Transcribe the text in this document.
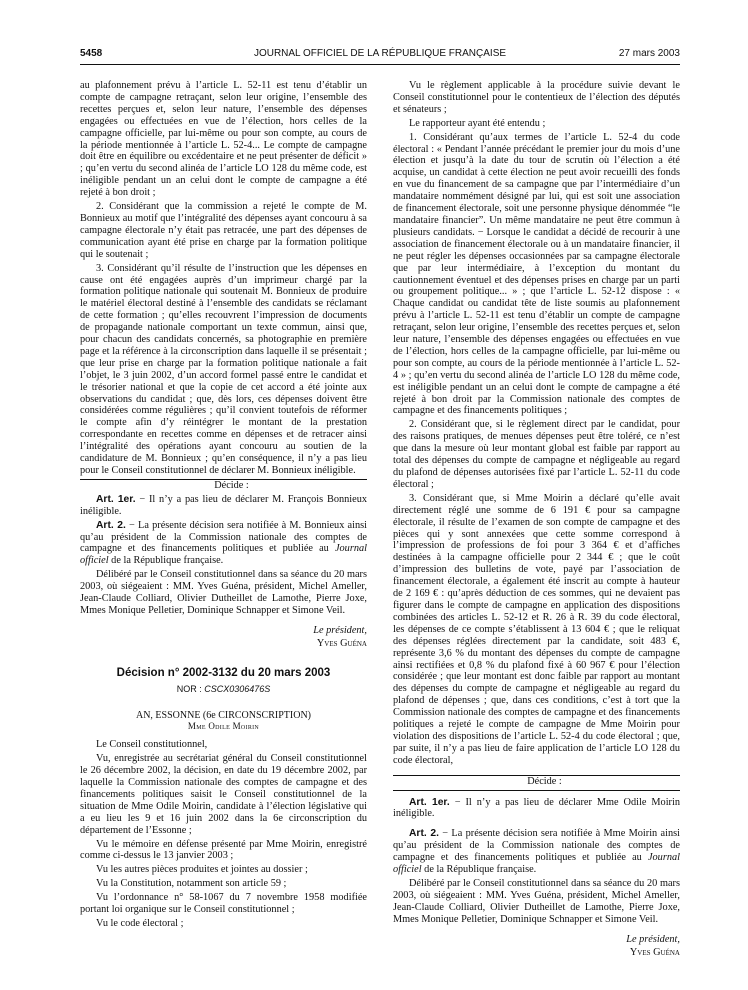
5458	JOURNAL OFFICIEL DE LA RÉPUBLIQUE FRANÇAISE	27 mars 2003

au plafonnement prévu à l’article L. 52-11 est tenu d’établir un compte de campagne retraçant, selon leur origine, l’ensemble des recettes perçues et, selon leur nature, l’ensemble des dépenses engagées ou effectuées en vue de l’élection, hors celles de la campagne officielle, par lui-même ou pour son compte, au cours de la période mentionnée à l’article L. 52-4... Le compte de campagne doit être en équilibre ou excédentaire et ne peut présenter de déficit » ; qu’en vertu du second alinéa de l’article LO 128 du même code, est inéligible pendant un an celui dont le compte de campagne a été rejeté à bon droit ;

2. Considérant que la commission a rejeté le compte de M. Bonnieux au motif que l’intégralité des dépenses ayant concouru à sa campagne électorale n’y était pas retracée, une part des dépenses de communication ayant été prise en charge par la formation politique qui le soutenait ;

3. Considérant qu’il résulte de l’instruction que les dépenses en cause ont été engagées auprès d’un imprimeur chargé par la formation politique nationale qui soutenait M. Bonnieux de produire le matériel électoral destiné à l’ensemble des candidats se réclamant de cette formation ; qu’elles recouvrent l’impression de documents de propagande nationale comportant un texte commun, ainsi que, pour chacun des candidats concernés, sa photographie en première page et la référence à la circonscription dans laquelle il se présentait ; que leur prise en charge par la formation politique nationale a fait l’objet, le 3 juin 2002, d’un accord formel passé entre le candidat et le trésorier national et que la copie de cet accord a été jointe aux observations du candidat ; que, dès lors, ces dépenses doivent être considérées comme régulières ; qu’il convient toutefois de réformer le compte afin d’y réintégrer le montant de la prestation correspondante en recettes comme en dépenses et de retracer ainsi l’intégralité des opérations ayant concouru au soutien de la candidature de M. Bonnieux ; qu’en conséquence, il n’y a pas lieu pour le Conseil constitutionnel de déclarer M. Bonnieux inéligible.

Décide :

Art. 1er. − Il n’y a pas lieu de déclarer M. François Bonnieux inéligible.

Art. 2. − La présente décision sera notifiée à M. Bonnieux ainsi qu’au président de la Commission nationale des comptes de campagne et des financements politiques et publiée au Journal officiel de la République française.

Délibéré par le Conseil constitutionnel dans sa séance du 20 mars 2003, où siégeaient : MM. Yves Guéna, président, Michel Ameller, Jean-Claude Colliard, Olivier Dutheillet de Lamothe, Pierre Joxe, Mmes Monique Pelletier, Dominique Schnapper et Simone Veil.

Le président,
Yves Guéna
Décision n° 2002-3132 du 20 mars 2003
NOR : CSCX0306476S
AN, ESSONNE (6e CIRCONSCRIPTION)
Mme Odile Moirin

Le Conseil constitutionnel,

Vu, enregistrée au secrétariat général du Conseil constitutionnel le 26 décembre 2002, la décision, en date du 19 décembre 2002, par laquelle la Commission nationale des comptes de campagne et des financements politiques saisit le Conseil constitutionnel de la situation de Mme Odile Moirin, candidate à l’élection législative qui a eu lieu les 9 et 16 juin 2002 dans la 6e circonscription du département de l’Essonne ;

Vu le mémoire en défense présenté par Mme Moirin, enregistré comme ci-dessus le 13 janvier 2003 ;

Vu les autres pièces produites et jointes au dossier ;

Vu la Constitution, notamment son article 59 ;

Vu l’ordonnance n° 58-1067 du 7 novembre 1958 modifiée portant loi organique sur le Conseil constitutionnel ;

Vu le code électoral ;

Vu le règlement applicable à la procédure suivie devant le Conseil constitutionnel pour le contentieux de l’élection des députés et sénateurs ;

Le rapporteur ayant été entendu ;

1. Considérant qu’aux termes de l’article L. 52-4 du code électoral : « Pendant l’année précédant le premier jour du mois d’une élection et jusqu’à la date du tour de scrutin où l’élection a été acquise, un candidat à cette élection ne peut avoir recueilli des fonds en vue du financement de sa campagne que par l’intermédiaire d’un mandataire nommément désigné par lui, qui est soit une association de financement électorale, soit une personne physique dénommée “le mandataire financier”. Un même mandataire ne peut être commun à plusieurs candidats. − Lorsque le candidat a décidé de recourir à une association de financement électorale ou à un mandataire financier, il ne peut régler les dépenses occasionnées par sa campagne électorale que par leur intermédiaire, à l’exception du montant du cautionnement éventuel et des dépenses prises en charge par un parti ou groupement politique... » ; que l’article L. 52-12 dispose : « Chaque candidat ou candidat tête de liste soumis au plafonnement prévu à l’article L. 52-11 est tenu d’établir un compte de campagne retraçant, selon leur origine, l’ensemble des recettes perçues et, selon leur nature, l’ensemble des dépenses engagées ou effectuées en vue de l’élection, hors celles de la campagne officielle, par lui-même ou pour son compte, au cours de la période mentionnée à l’article L. 52-4 » ; qu’en vertu du second alinéa de l’article LO 128 du même code, est inéligible pendant un an celui dont le compte de campagne a été rejeté à bon droit par la Commission nationale des comptes de campagne et des financements politiques ;

2. Considérant que, si le règlement direct par le candidat, pour des raisons pratiques, de menues dépenses peut être toléré, ce n’est que dans la mesure où leur montant global est faible par rapport au total des dépenses du compte de campagne et négligeable au regard du plafond de dépenses autorisées fixé par l’article L. 52-11 du code électoral ;

3. Considérant que, si Mme Moirin a déclaré qu’elle avait directement réglé une somme de 6 191 € pour sa campagne électorale, il résulte de l’examen de son compte de campagne et des pièces qui y sont annexées que cette somme correspond à l’impression de professions de foi pour 3 364 € et d’affiches destinées à la campagne officielle pour 2 344 € ; que le coût d’impression des bulletins de vote, payé par l’association de financement électorale, a également été inscrit au compte à hauteur de 2 169 € : qu’après déduction de ces sommes, qui ne devaient pas figurer dans le compte de campagne en application des dispositions combinées des articles L. 52-12 et R. 26 à R. 39 du code électoral, les dépenses de ce compte s’établissent à 13 604 € ; que le reliquat des dépenses réglées directement par la candidate, soit 483 €, représente 3,6 % du montant des dépenses du compte de campagne ainsi rectifiées et 0,8 % du plafond fixé à 60 967 € pour l’élection considérée ; que leur montant est donc faible par rapport au montant des dépenses du compte de campagne et négligeable au regard du plafond de dépenses ; que, dans ces conditions, c’est à tort que la Commission nationale des comptes de campagne et des financements politiques a rejeté le compte de campagne de Mme Moirin pour violation des dispositions de l’article L. 52-4 du code électoral ; que, par suite, il n’y a pas lieu de faire application de l’article LO 128 du code électoral,

Décide :

Art. 1er. − Il n’y a pas lieu de déclarer Mme Odile Moirin inéligible.

Art. 2. − La présente décision sera notifiée à Mme Moirin ainsi qu’au président de la Commission nationale des comptes de campagne et des financements politiques et publiée au Journal officiel de la République française.

Délibéré par le Conseil constitutionnel dans sa séance du 20 mars 2003, où siégeaient : MM. Yves Guéna, président, Michel Ameller, Jean-Claude Colliard, Olivier Dutheillet de Lamothe, Pierre Joxe, Mmes Monique Pelletier, Dominique Schnapper et Simone Veil.

Le président,
Yves Guéna
